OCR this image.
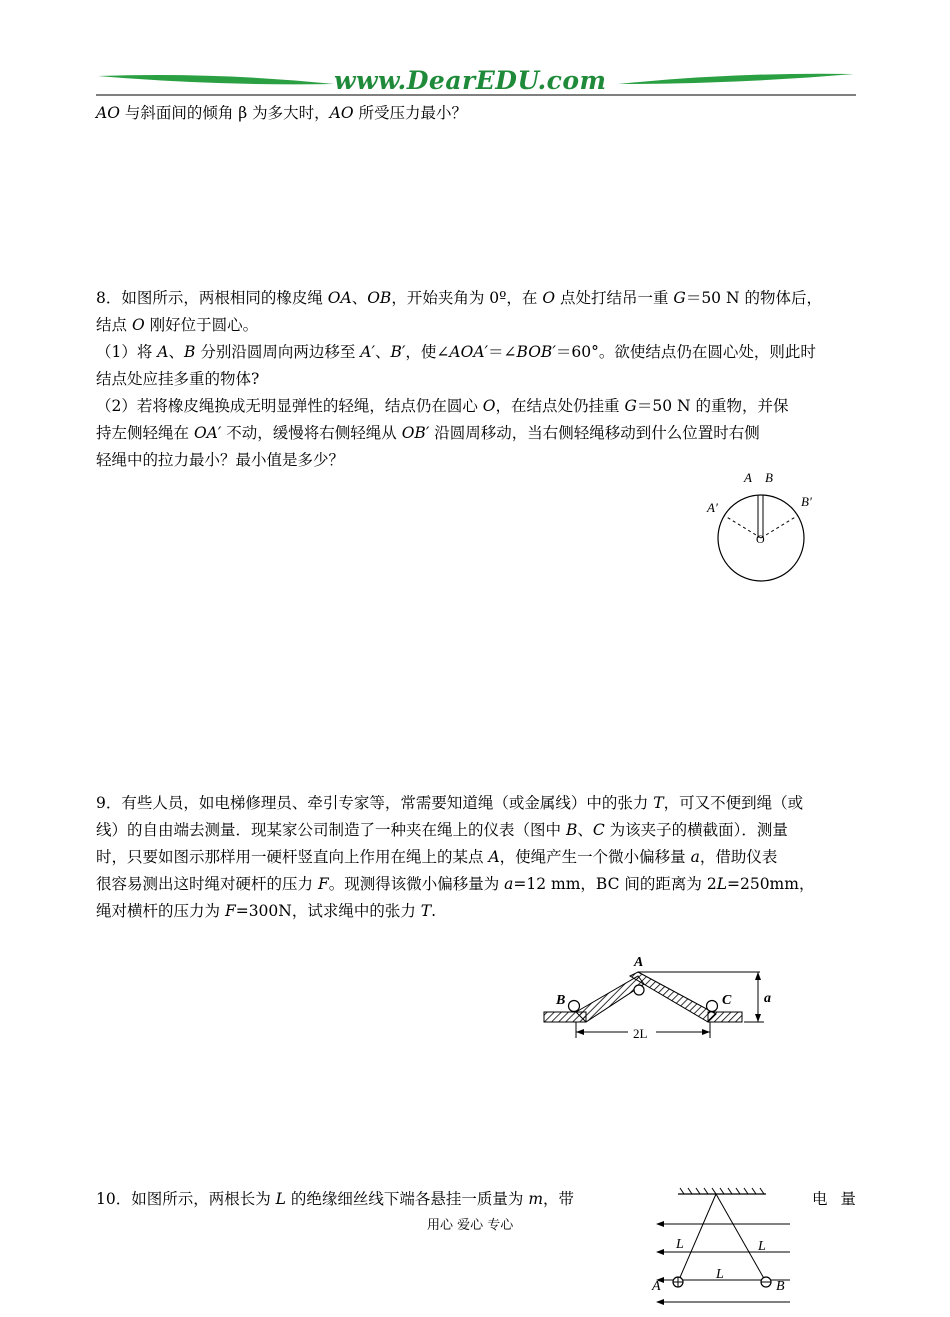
www.DearEDU.com

AO 与斜面间的倾角 β 为多大时，AO 所受压力最小？

8．如图所示，两根相同的橡皮绳 OA、OB，开始夹角为 0º，在 O 点处打结吊一重 G＝50 N 的物体后，

结点 O 刚好位于圆心。

（1）将 A、B 分别沿圆周向两边移至 A′、B′，使∠AOA′＝∠BOB′＝60°。欲使结点仍在圆心处，则此时

结点处应挂多重的物体?

（2）若将橡皮绳换成无明显弹性的轻绳，结点仍在圆心 O，在结点处仍挂重 G＝50 N 的重物，并保

持左侧轻绳在 OA′ 不动，缓慢将右侧轻绳从 OB′ 沿圆周移动，当右侧轻绳移动到什么位置时右侧

轻绳中的拉力最小？最小值是多少？

A B
A′	B′
O

9．有些人员，如电梯修理员、牵引专家等，常需要知道绳（或金属线）中的张力 T，可又不便到绳（或

线）的自由端去测量．现某家公司制造了一种夹在绳上的仪表（图中 B、C 为该夹子的横截面）．测量

时，只要如图示那样用一硬杆竖直向上作用在绳上的某点 A，使绳产生一个微小偏移量 a，借助仪表

很容易测出这时绳对硬杆的压力 F。现测得该微小偏移量为 a=12 mm，BC 间的距离为 2L=250mm，

绳对横杆的压力为 F=300N，试求绳中的张力 T.

A
B	C a
2L

10．如图所示，两根长为 L 的绝缘细丝线下端各悬挂一质量为 m，带	电 量
L	L
L
A	B
用心 爱心 专心
